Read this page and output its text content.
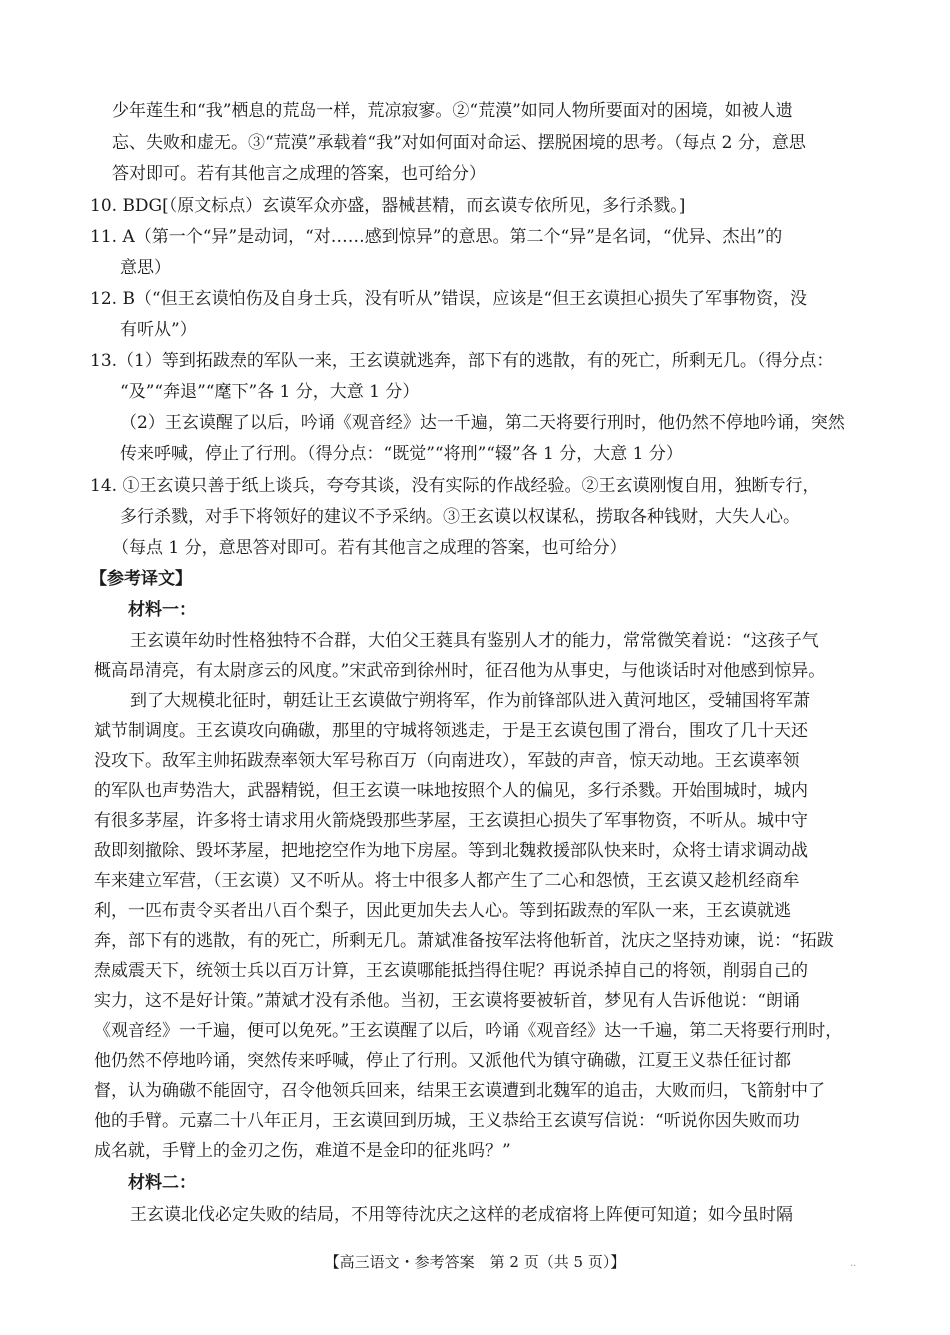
少年莲生和“我”栖息的荒岛一样，荒凉寂寥。②“荒漠”如同人物所要面对的困境，如被人遗
忘、失败和虚无。③“荒漠”承载着“我”对如何面对命运、摆脱困境的思考。（每点 2 分，意思
答对即可。若有其他言之成理的答案，也可给分）
10. BDG[（原文标点）玄谟军众亦盛，器械甚精，而玄谟专依所见，多行杀戮。]
11. A（第一个“异”是动词，“对……感到惊异”的意思。第二个“异”是名词，“优异、杰出”的
意思）
12. B（“但王玄谟怕伤及自身士兵，没有听从”错误，应该是“但王玄谟担心损失了军事物资，没
有听从”）
13.（1）等到拓跋焘的军队一来，王玄谟就逃奔，部下有的逃散，有的死亡，所剩无几。（得分点：
“及”“奔退”“麾下”各 1 分，大意 1 分）
（2）王玄谟醒了以后，吟诵《观音经》达一千遍，第二天将要行刑时，他仍然不停地吟诵，突然
传来呼喊，停止了行刑。（得分点：“既觉”“将刑”“辍”各 1 分，大意 1 分）
14. ①王玄谟只善于纸上谈兵，夸夸其谈，没有实际的作战经验。②王玄谟刚愎自用，独断专行，
多行杀戮，对手下将领好的建议不予采纳。③王玄谟以权谋私，捞取各种钱财，大失人心。
（每点 1 分，意思答对即可。若有其他言之成理的答案，也可给分）
【参考译文】
材料一：
王玄谟年幼时性格独特不合群，大伯父王蕤具有鉴别人才的能力，常常微笑着说：“这孩子气
概高昂清亮，有太尉彦云的风度。”宋武帝到徐州时，征召他为从事史，与他谈话时对他感到惊异。
到了大规模北征时，朝廷让王玄谟做宁朔将军，作为前锋部队进入黄河地区，受辅国将军萧
斌节制调度。王玄谟攻向确磝，那里的守城将领逃走，于是王玄谟包围了滑台，围攻了几十天还
没攻下。敌军主帅拓跋焘率领大军号称百万（向南进攻），军鼓的声音，惊天动地。王玄谟率领
的军队也声势浩大，武器精锐，但王玄谟一味地按照个人的偏见，多行杀戮。开始围城时，城内
有很多茅屋，许多将士请求用火箭烧毁那些茅屋，王玄谟担心损失了军事物资，不听从。城中守
敌即刻撤除、毁坏茅屋，把地挖空作为地下房屋。等到北魏救援部队快来时，众将士请求调动战
车来建立军营，（王玄谟）又不听从。将士中很多人都产生了二心和怨愤，王玄谟又趁机经商牟
利，一匹布责令买者出八百个梨子，因此更加失去人心。等到拓跋焘的军队一来，王玄谟就逃
奔，部下有的逃散，有的死亡，所剩无几。萧斌准备按军法将他斩首，沈庆之坚持劝谏，说：“拓跋
焘威震天下，统领士兵以百万计算，王玄谟哪能抵挡得住呢？再说杀掉自己的将领，削弱自己的
实力，这不是好计策。”萧斌才没有杀他。当初，王玄谟将要被斩首，梦见有人告诉他说：“朗诵
《观音经》一千遍，便可以免死。”王玄谟醒了以后，吟诵《观音经》达一千遍，第二天将要行刑时，
他仍然不停地吟诵，突然传来呼喊，停止了行刑。又派他代为镇守确磝，江夏王义恭任征讨都
督，认为确磝不能固守，召令他领兵回来，结果王玄谟遭到北魏军的追击，大败而归，飞箭射中了
他的手臂。元嘉二十八年正月，王玄谟回到历城，王义恭给王玄谟写信说：“听说你因失败而功
成名就，手臂上的金刃之伤，难道不是金印的征兆吗？”
材料二：
王玄谟北伐必定失败的结局，不用等待沈庆之这样的老成宿将上阵便可知道；如今虽时隔
【高三语文・参考答案　第 2 页（共 5 页）】	..
